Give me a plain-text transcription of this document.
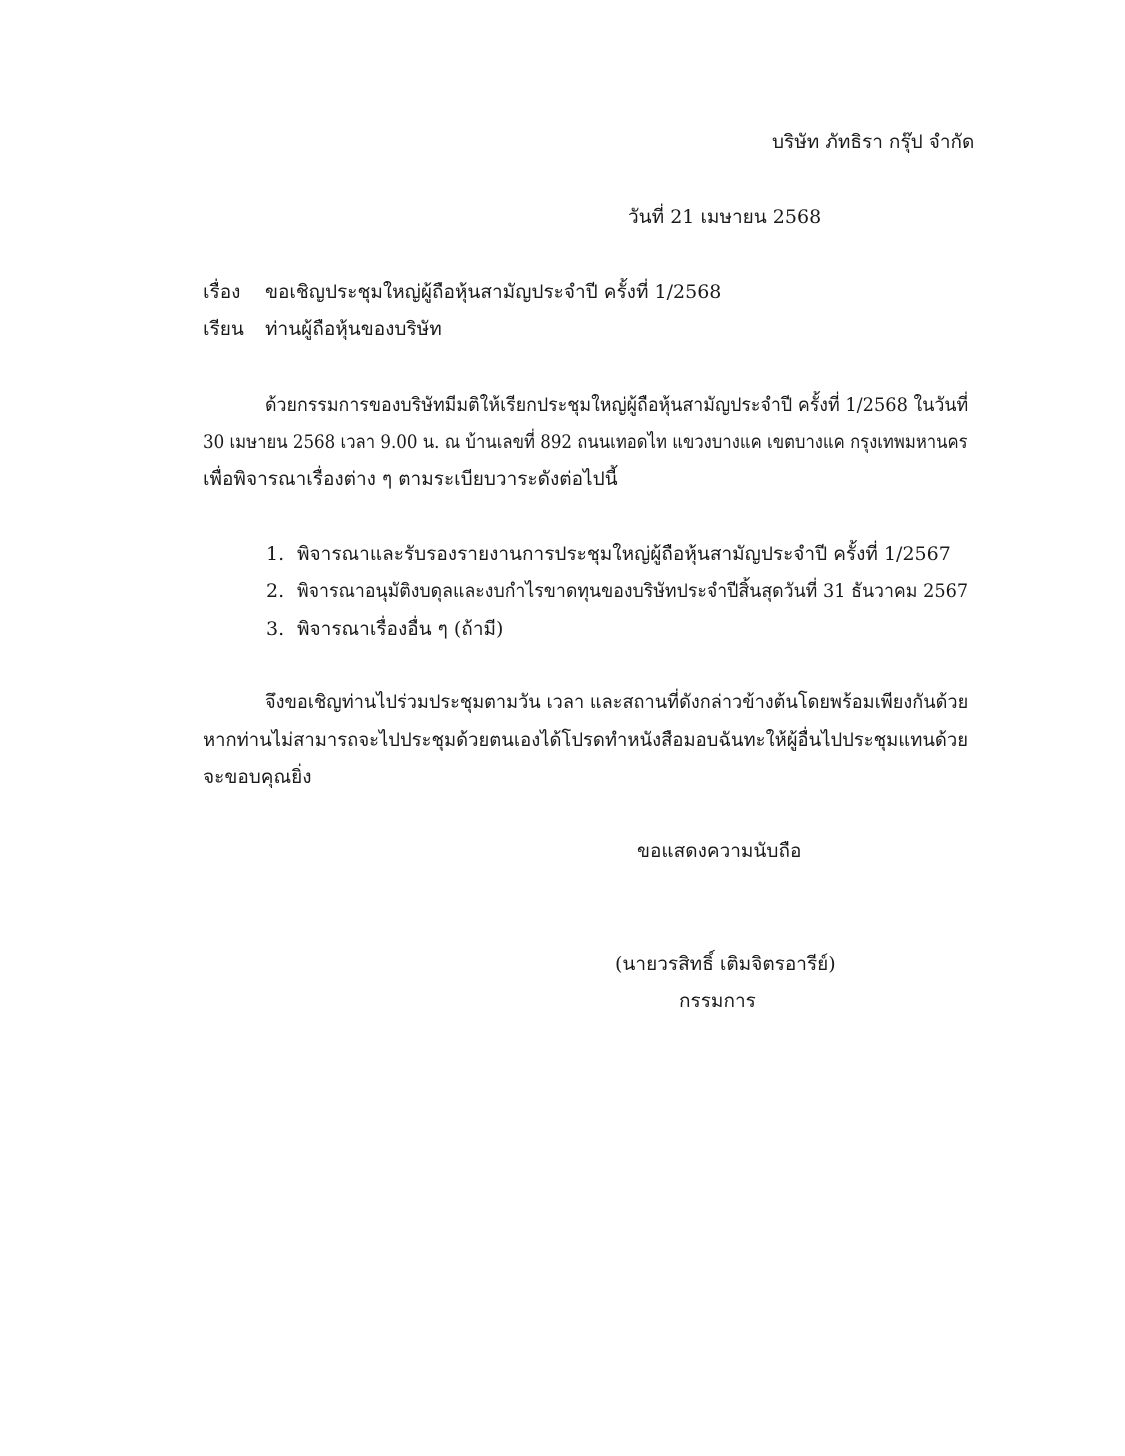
บริษัท ภัทธิรา กรุ๊ป จำกัด
วันที่ 21 เมษายน 2568
เรื่อง ขอเชิญประชุมใหญ่ผู้ถือหุ้นสามัญประจำปี ครั้งที่ 1/2568
เรียน ท่านผู้ถือหุ้นของบริษัท
ด้วยกรรมการของบริษัทมีมติให้เรียกประชุมใหญ่ผู้ถือหุ้นสามัญประจำปี ครั้งที่ 1/2568 ในวันที่
30 เมษายน 2568 เวลา 9.00 น. ณ บ้านเลขที่ 892 ถนนเทอดไท แขวงบางแค เขตบางแค กรุงเทพมหานคร
เพื่อพิจารณาเรื่องต่าง ๆ ตามระเบียบวาระดังต่อไปนี้
1. พิจารณาและรับรองรายงานการประชุมใหญ่ผู้ถือหุ้นสามัญประจำปี ครั้งที่ 1/2567
2. พิจารณาอนุมัติงบดุลและงบกำไรขาดทุนของบริษัทประจำปีสิ้นสุดวันที่ 31 ธันวาคม 2567
3. พิจารณาเรื่องอื่น ๆ (ถ้ามี)
จึงขอเชิญท่านไปร่วมประชุมตามวัน เวลา และสถานที่ดังกล่าวข้างต้นโดยพร้อมเพียงกันด้วย
หากท่านไม่สามารถจะไปประชุมด้วยตนเองได้โปรดทำหนังสือมอบฉันทะให้ผู้อื่นไปประชุมแทนด้วย
จะขอบคุณยิ่ง
ขอแสดงความนับถือ
(นายวรสิทธิ์ เติมจิตรอารีย์)
กรรมการ
